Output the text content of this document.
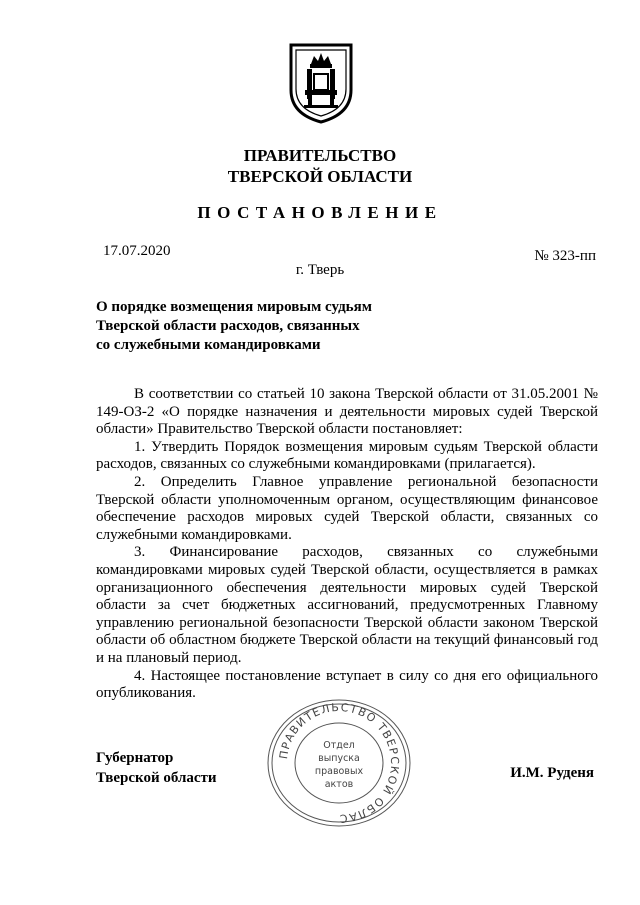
ПРАВИТЕЛЬСТВО
ТВЕРСКОЙ ОБЛАСТИ
ПОСТАНОВЛЕНИЕ
17.07.2020	№ 323-пп
г. Тверь
О порядке возмещения мировым судьям
Тверской области расходов, связанных
со служебными командировками

В соответствии со статьей 10 закона Тверской области от 31.05.2001 № 149-ОЗ-2 «О порядке назначения и деятельности мировых судей Тверской области» Правительство Тверской области постановляет:

1. Утвердить Порядок возмещения мировым судьям Тверской области расходов, связанных со служебными командировками (прилагается).

2. Определить Главное управление региональной безопасности Тверской области уполномоченным органом, осуществляющим финансовое обеспечение расходов мировых судей Тверской области, связанных со служебными командировками.

3. Финансирование расходов, связанных со служебными командировками мировых судей Тверской области, осуществляется в рамках организационного обеспечения деятельности мировых судей Тверской области за счет бюджетных ассигнований, предусмотренных Главному управлению региональной безопасности Тверской области законом Тверской области об областном бюджете Тверской области на текущий финансовый год и на плановый период.

4. Настоящее постановление вступает в силу со дня его официального опубликования.

Губернатор
Тверской области	И.М. Руденя
ПРАВИТЕЛЬСТВО ТВЕРСКОЙ ОБЛАС
Отдел
выпуска
правовых
актов
